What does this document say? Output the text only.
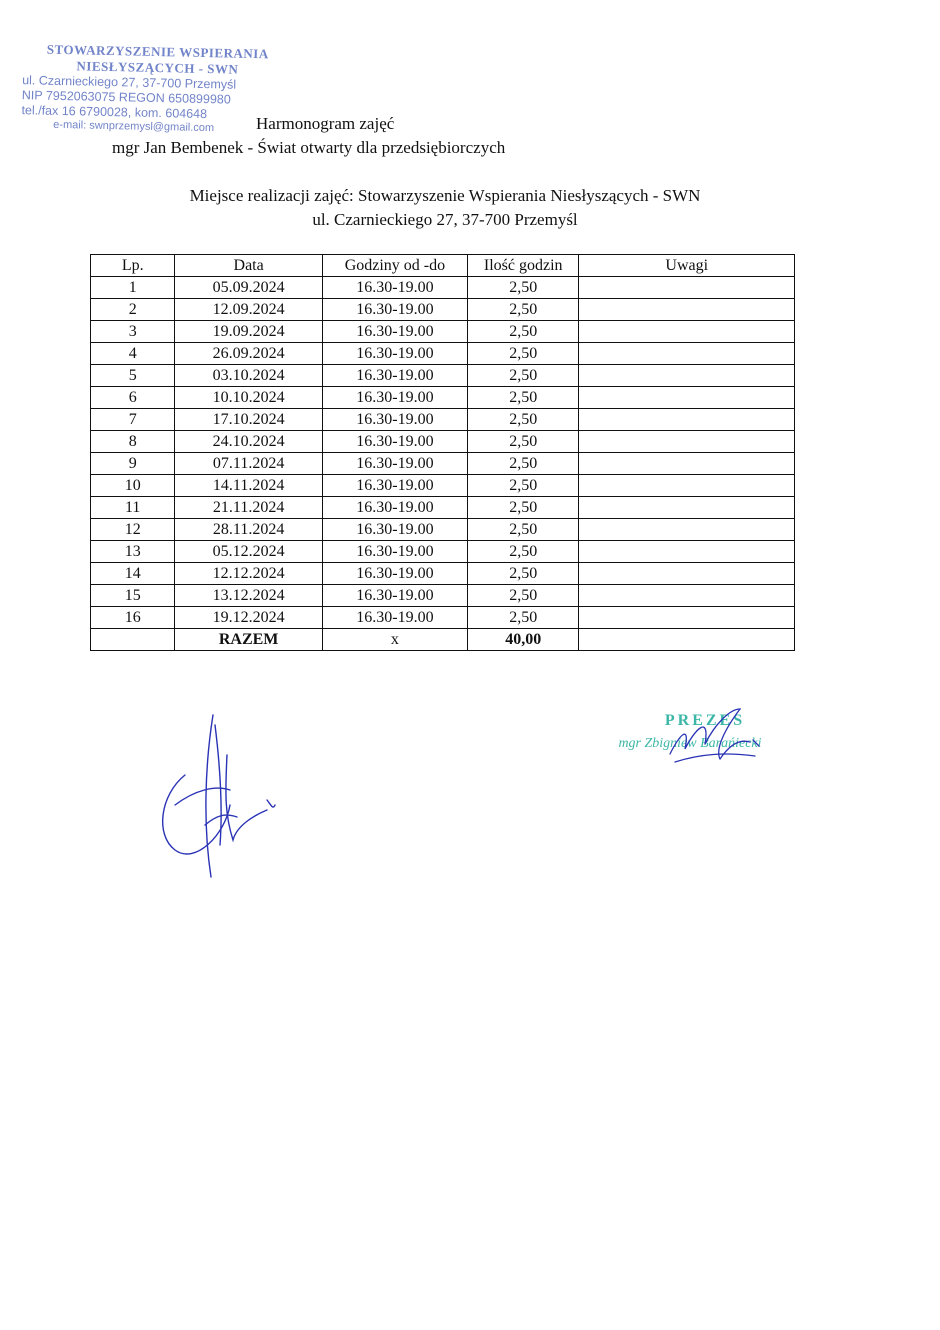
STOWARZYSZENIE WSPIERANIA
NIESŁYSZĄCYCH - SWN
ul. Czarnieckiego 27, 37-700 Przemyśl
NIP 7952063075 REGON 650899980
tel./fax 16 6790028, kom. 604648
e-mail: swnprzemysl@gmail.com	Harmonogram zajęć
mgr Jan Bembenek - Świat otwarty dla przedsiębiorczych
Miejsce realizacji zajęć: Stowarzyszenie Wspierania Niesłyszących - SWN
ul. Czarnieckiego 27, 37-700 Przemyśl
Lp.	Data	Godziny od -do	Ilość godzin	Uwagi
1	05.09.2024	16.30-19.00	2,50	
2	12.09.2024	16.30-19.00	2,50	
3	19.09.2024	16.30-19.00	2,50	
4	26.09.2024	16.30-19.00	2,50	
5	03.10.2024	16.30-19.00	2,50	
6	10.10.2024	16.30-19.00	2,50	
7	17.10.2024	16.30-19.00	2,50	
8	24.10.2024	16.30-19.00	2,50	
9	07.11.2024	16.30-19.00	2,50	
10	14.11.2024	16.30-19.00	2,50	
11	21.11.2024	16.30-19.00	2,50	
12	28.11.2024	16.30-19.00	2,50	
13	05.12.2024	16.30-19.00	2,50	
14	12.12.2024	16.30-19.00	2,50	
15	13.12.2024	16.30-19.00	2,50	
16	19.12.2024	16.30-19.00	2,50	
	RAZEM	x	40,00	
PREZES
mgr Zbigniew Barańiecki
